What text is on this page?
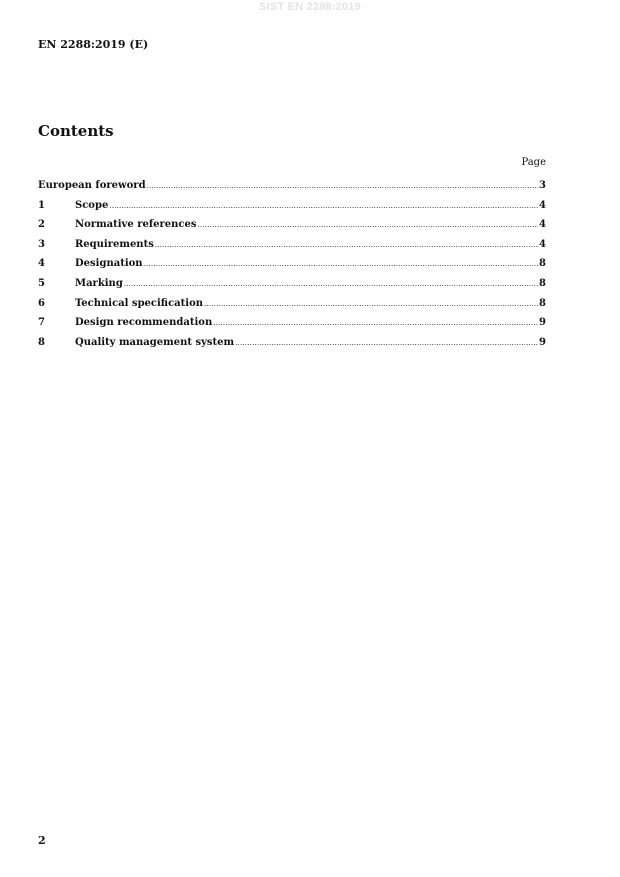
SIST EN 2288:2019
EN 2288:2019 (E)
Contents
Page
European foreword .....	3
1	Scope .....	4
2	Normative references .....	4
3	Requirements .....	4
4	Designation .....	8
5	Marking .....	8
6	Technical specification .....	8
7	Design recommendation .....	9
8	Quality management system .....	9
2
